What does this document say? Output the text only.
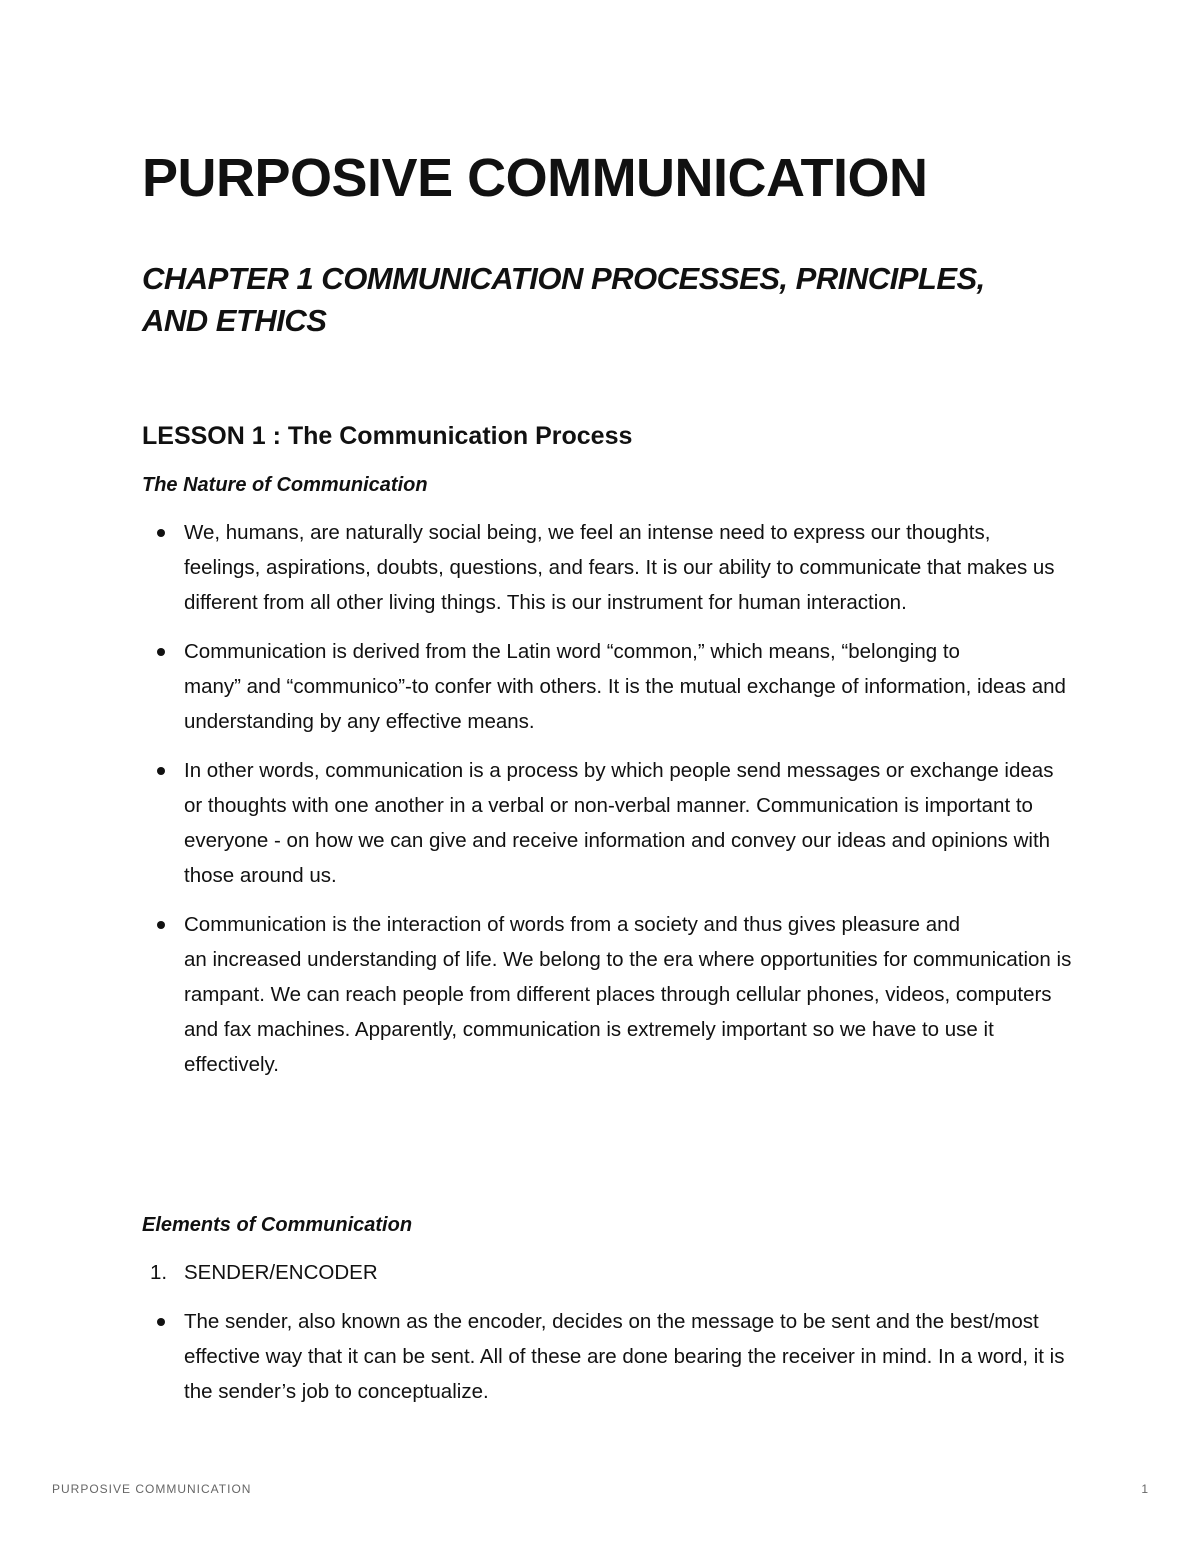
PURPOSIVE COMMUNICATION
CHAPTER 1 COMMUNICATION PROCESSES, PRINCIPLES, AND ETHICS
LESSON 1 : The Communication Process

The Nature of Communication

We, humans, are naturally social being, we feel an intense need to express our thoughts, feelings, aspirations, doubts, questions, and fears. It is our ability to communicate that makes us different from all other living things. This is our instrument for human interaction.
Communication is derived from the Latin word “common,” which means, “belonging to
many” and “communico”-to confer with others. It is the mutual exchange of information, ideas and understanding by any effective means.
In other words, communication is a process by which people send messages or exchange ideas or thoughts with one another in a verbal or non-verbal manner. Communication is important to everyone - on how we can give and receive information and convey our ideas and opinions with those around us.
Communication is the interaction of words from a society and thus gives pleasure and
an increased understanding of life. We belong to the era where opportunities for communication is rampant. We can reach people from different places through cellular phones, videos, computers and fax machines. Apparently, communication is extremely important so we have to use it effectively.

Elements of Communication

1. SENDER/ENCODER
The sender, also known as the encoder, decides on the message to be sent and the best/most effective way that it can be sent. All of these are done bearing the receiver in mind. In a word, it is the sender’s job to conceptualize.
PURPOSIVE COMMUNICATION	1
